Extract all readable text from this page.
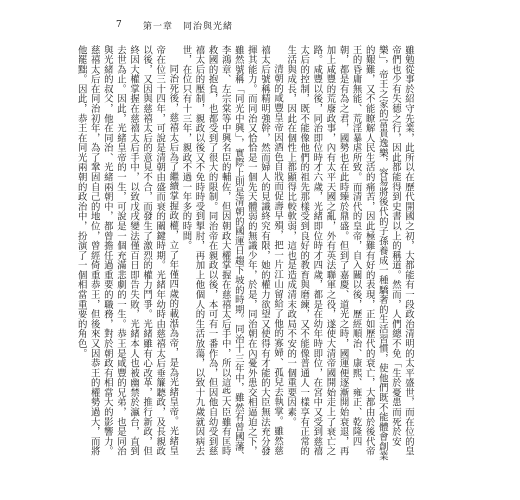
7 第一章　同治與光緒

雖勉從事於紹守先業，此所以在歷代開國之初，大都能有一段政治清明的太平盛世，而在位的皇帝們也少有失德之行，因此都能得到史書以上的稱道。然而，人們總不免「生於憂患而死於安樂」，帝王之家的富貴逸樂，容易將後代的子孫養成一種驕奢的生活習慣，使他們既不能體會創業的艱難，又不能瞭解人民生活的痛苦，因此極難有好的表現，正如歷代的衰亡，大都由於後代帝王的昏庸無能、荒淫暴虐所致。而清代的皇帝，自入關以後，歷經順治、康熙、雍正、乾隆四朝，都是有為之君，國勢也在此時臻於鼎盛。但到了嘉慶、道光之時，國運便逐漸開始衰退，再加上咸豐的荒廢政事，內有太平天國之亂，外有英法聯軍之役，遂使大清帝國開始走上了衰亡之路。咸豐以後，同治即位時才六歲，光緒即位時才四歲，都是在幼年時即位，在宮中又受到慈禧太后的控制，既不能像他們的祖先那樣受到良好的教育與磨練，又不能像普通人一樣享有正常的生活與成長，因此在個性上都顯得比較軟弱，這也是造成清末政局不安的一個重要因素。

清朝的咸豐皇帝因酒色自戕而促壽早殞，把一片江山留給了他的寡婦、孤兒去執掌。雖然慈禧太后號稱精明強幹，然而婦人的見識終究有限，她的權力欲望又使得有才能的大臣無法充分發揮其能力。而同治又恰恰是一個先天體弱的無識少年，於是，同治朝在內憂外患交相逼迫之下，雖然號稱「同光中興」，實際上則是清朝的國運日趨下坡的時期。同治十三年中，雖然有曾國藩、李鴻章、左宗棠等中興名臣的輔佐，但因朝政大權掌握在慈禧太后手中，所以這些大臣雖有匡時救國的抱負，也都受到了很大的限制。同治帝在親政以後，本可有一番作為，但因他自幼受到慈禧太后的壓制，親政以後又不免時時受到掣肘，再加上他個人的生活放蕩，以致十九歲就因病去世，在位只有十三年，親政不過一年多的時間。

同治死後，慈禧太后為了繼續掌握政權，立了年僅四歲的載湉為帝，是為光緒皇帝。光緒皇帝在位三十四年，可說是清朝由盛而衰的關鍵時期。光緒年幼時由慈禧太后垂簾聽政，及長親政以後，又因與慈禧太后的意見不合，而發生了激烈的權力鬥爭。光緒雖有心改革，推行新政，但終因大權掌握在慈禧太后手中，以致戊戌變法僅百日即告失敗，光緒本人也被幽禁於瀛台，直到去世為止。因此，光緒皇帝的一生，可說是一個充滿悲劇的一生。恭王是咸豐的兄弟，也是同治與光緒的叔父，他在同治、光緒兩朝中，都曾擔任過重要的職務，對於朝政有相當大的影響力。慈禧太后在同治初年，為了鞏固自己的地位，曾經倚重恭王，但後來又因恭王的權勢過大，而將他罷黜。因此，恭王在同光兩朝的政治中，扮演了一個相當重要的角色。
